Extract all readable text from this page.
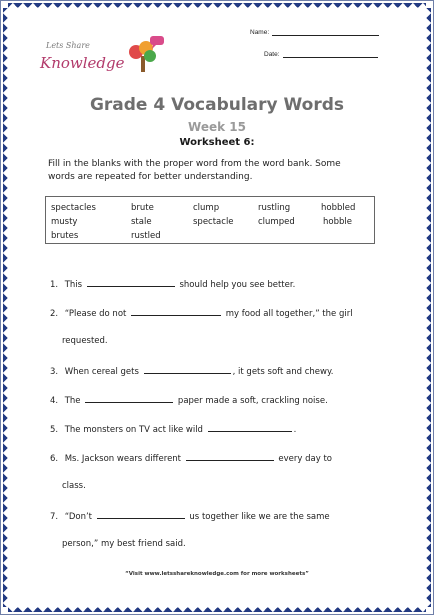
Lets Share
Knowledge
Name:
Date:
Grade 4 Vocabulary Words
Week 15
Worksheet 6:
Fill in the blanks with the proper word from the word bank. Some words are repeated for better understanding.
spectacles	brute	clump	rustling	hobbled
musty	stale	spectacle	clumped	hobble
brutes	rustled
1. This	should help you see better.
2. “Please do not	my food all together,” the girl
requested.
3. When cereal gets	, it gets soft and chewy.
4. The	paper made a soft, crackling noise.
5. The monsters on TV act like wild	.
6. Ms. Jackson wears different	every day to
class.
7. “Don’t	us together like we are the same
person,” my best friend said.
“Visit www.letsshareknowledge.com for more worksheets”
